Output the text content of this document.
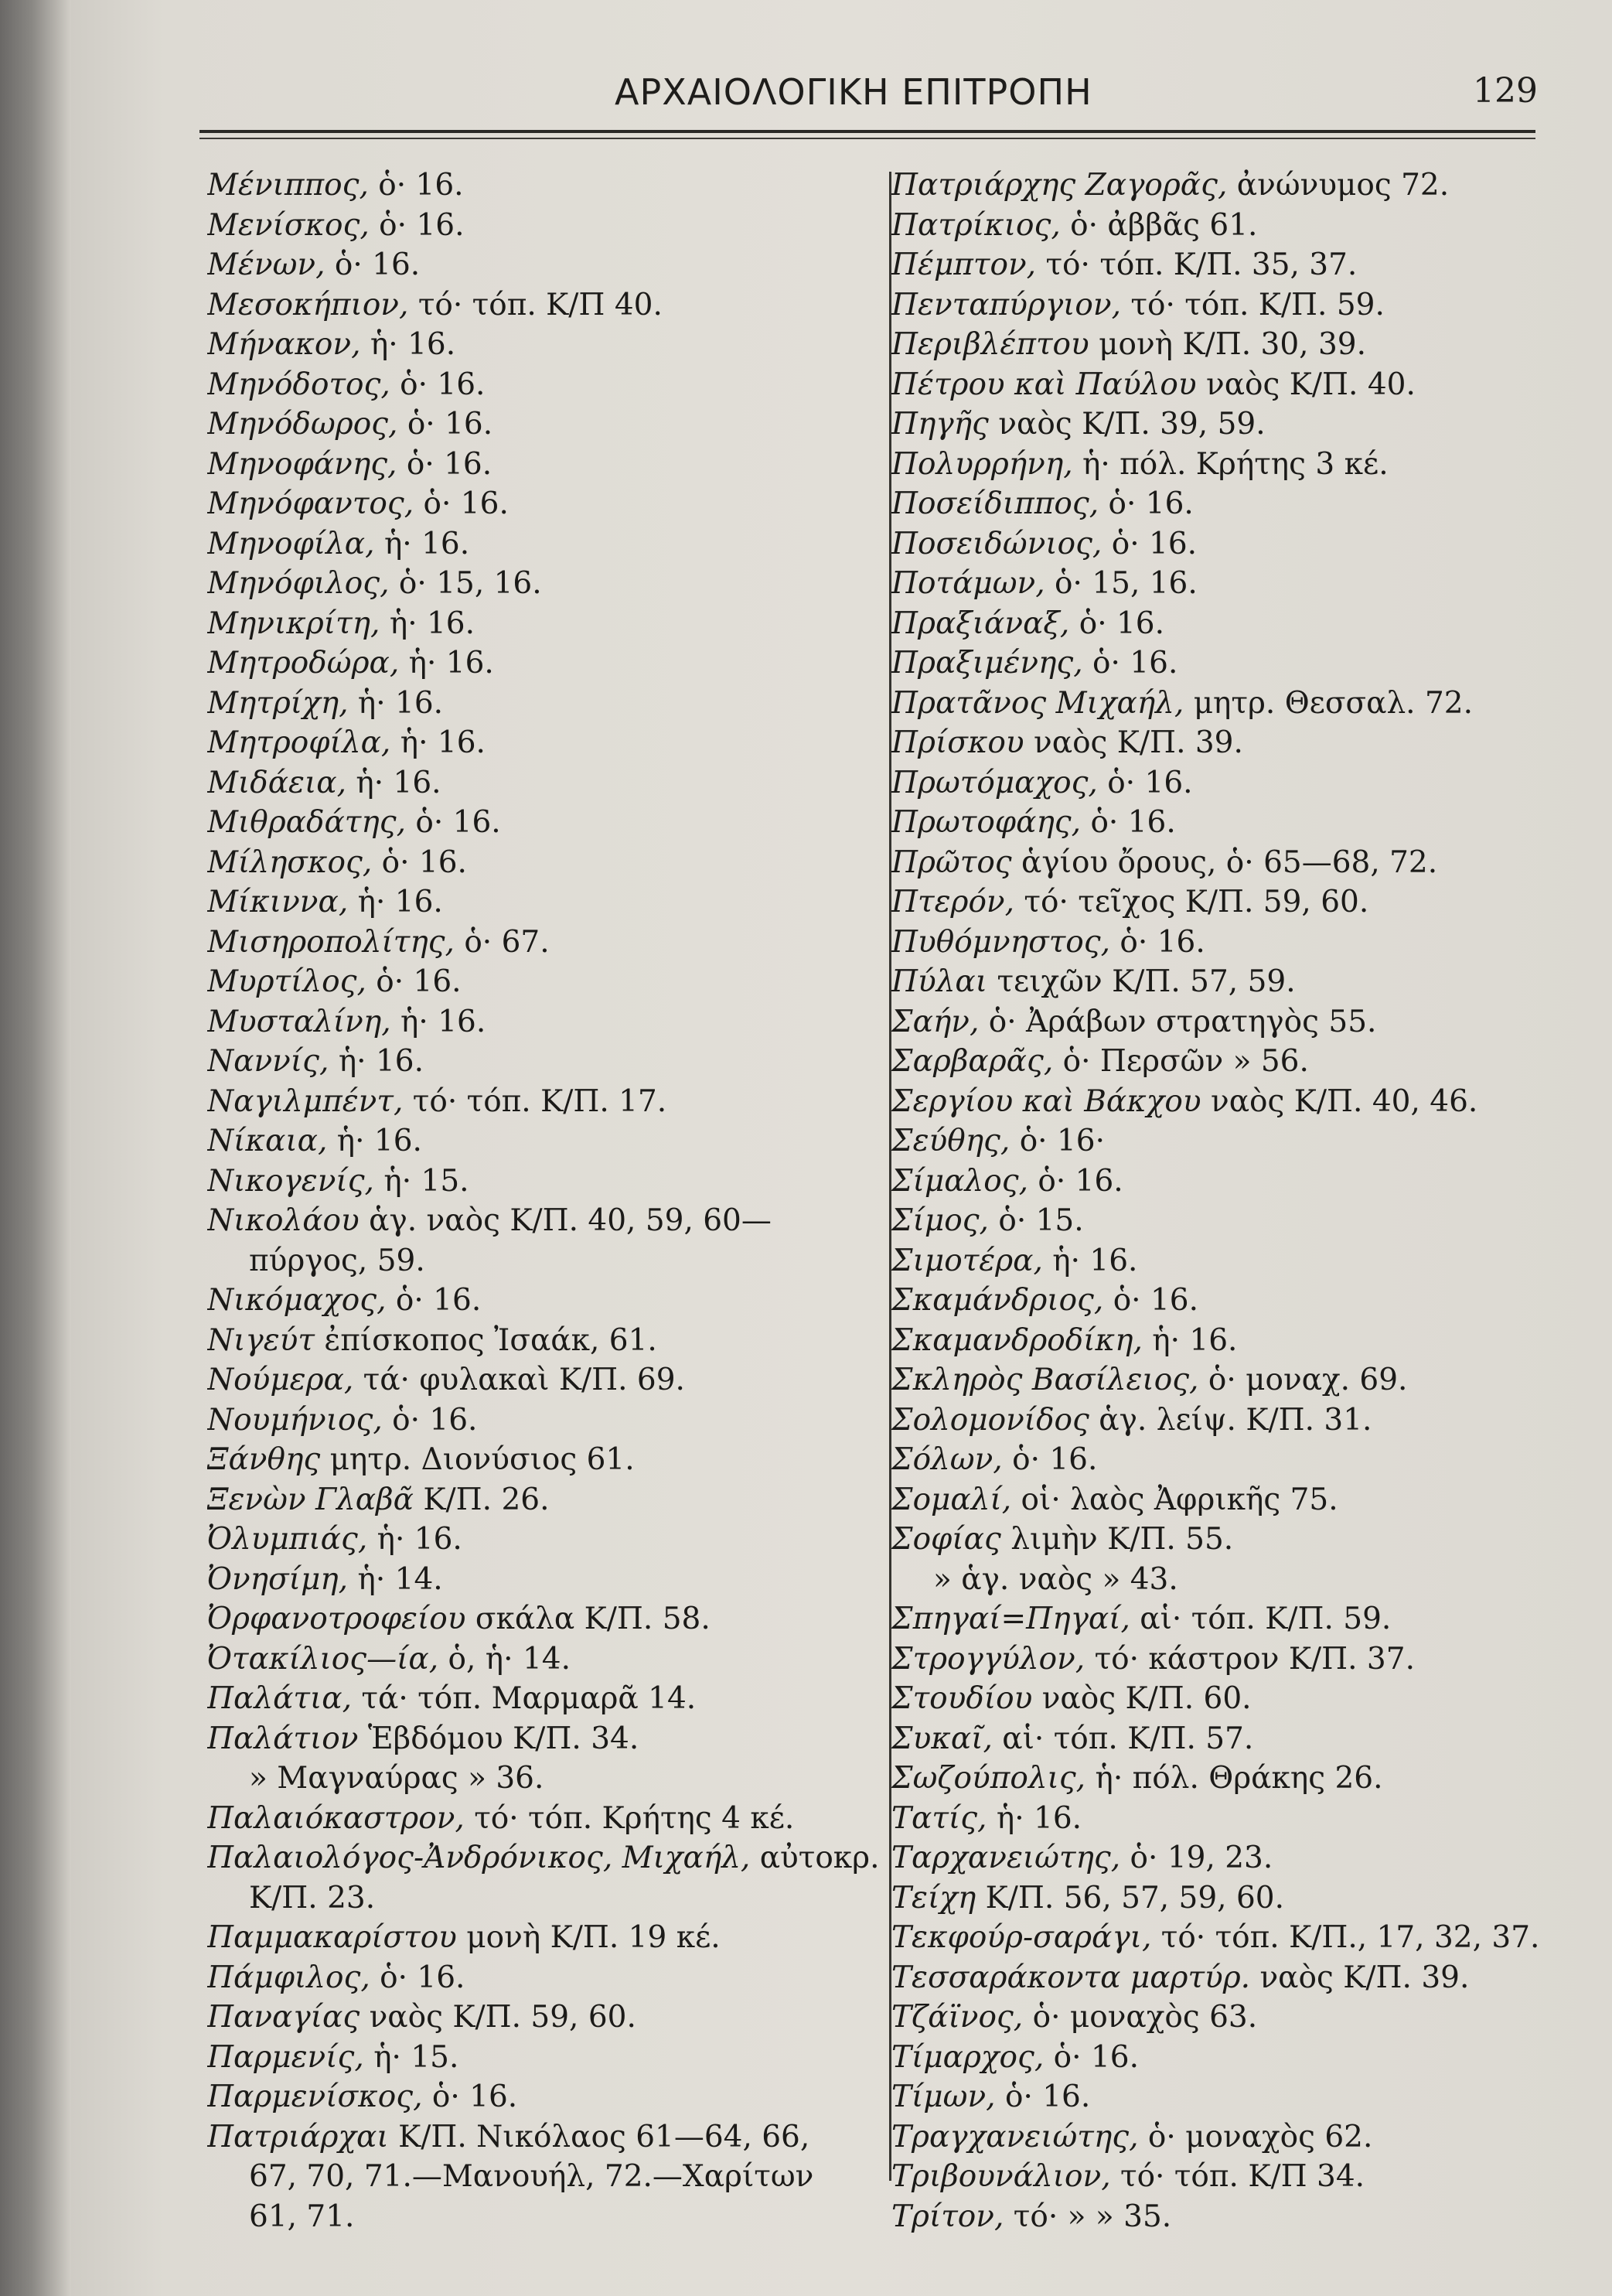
ΑΡΧΑΙΟΛΟΓΙΚΗ ΕΠΙΤΡΟΠΗ	129
Μένιππος, ὁ· 16.
Μενίσκος, ὁ· 16.
Μένων, ὁ· 16.
Μεσοκήπιον, τό· τόπ. Κ/Π 40.
Μήνακον, ἡ· 16.
Μηνόδοτος, ὁ· 16.
Μηνόδωρος, ὁ· 16.
Μηνοφάνης, ὁ· 16.
Μηνόφαντος, ὁ· 16.
Μηνοφίλα, ἡ· 16.
Μηνόφιλος, ὁ· 15, 16.
Μηνικρίτη, ἡ· 16.
Μητροδώρα, ἡ· 16.
Μητρίχη, ἡ· 16.
Μητροφίλα, ἡ· 16.
Μιδάεια, ἡ· 16.
Μιθραδάτης, ὁ· 16.
Μίλησκος, ὁ· 16.
Μίκιννα, ἡ· 16.
Μισηροπολίτης, ὁ· 67.
Μυρτίλος, ὁ· 16.
Μυσταλίνη, ἡ· 16.
Ναννίς, ἡ· 16.
Ναγιλμπέντ, τό· τόπ. Κ/Π. 17.
Νίκαια, ἡ· 16.
Νικογενίς, ἡ· 15.
Νικολάου ἁγ. ναὸς Κ/Π. 40, 59, 60—
πύργος, 59.
Νικόμαχος, ὁ· 16.
Νιγεύτ ἐπίσκοπος Ἰσαάκ, 61.
Νούμερα, τά· φυλακαὶ Κ/Π. 69.
Νουμήνιος, ὁ· 16.
Ξάνθης μητρ. Διονύσιος 61.
Ξενὼν Γλαβᾶ Κ/Π. 26.
Ὀλυμπιάς, ἡ· 16.
Ὀνησίμη, ἡ· 14.
Ὀρφανοτροφείου σκάλα Κ/Π. 58.
Ὀτακίλιος—ία, ὁ, ἡ· 14.
Παλάτια, τά· τόπ. Μαρμαρᾶ 14.
Παλάτιον Ἑβδόμου Κ/Π. 34.
» Μαγναύρας » 36.
Παλαιόκαστρον, τό· τόπ. Κρήτης 4 κέ.
Παλαιολόγος-Ἀνδρόνικος, Μιχαήλ, αὐτοκρ.
Κ/Π. 23.
Παμμακαρίστου μονὴ Κ/Π. 19 κέ.
Πάμφιλος, ὁ· 16.
Παναγίας ναὸς Κ/Π. 59, 60.
Παρμενίς, ἡ· 15.
Παρμενίσκος, ὁ· 16.
Πατριάρχαι Κ/Π. Νικόλαος 61—64, 66,
67, 70, 71.—Μανουήλ, 72.—Χαρίτων
61, 71.
Πατριάρχης Ζαγορᾶς, ἀνώνυμος 72.
Πατρίκιος, ὁ· ἀββᾶς 61.
Πέμπτον, τό· τόπ. Κ/Π. 35, 37.
Πενταπύργιον, τό· τόπ. Κ/Π. 59.
Περιβλέπτου μονὴ Κ/Π. 30, 39.
Πέτρου καὶ Παύλου ναὸς Κ/Π. 40.
Πηγῆς ναὸς Κ/Π. 39, 59.
Πολυρρήνη, ἡ· πόλ. Κρήτης 3 κέ.
Ποσείδιππος, ὁ· 16.
Ποσειδώνιος, ὁ· 16.
Ποτάμων, ὁ· 15, 16.
Πραξιάναξ, ὁ· 16.
Πραξιμένης, ὁ· 16.
Πρατᾶνος Μιχαήλ, μητρ. Θεσσαλ. 72.
Πρίσκου ναὸς Κ/Π. 39.
Πρωτόμαχος, ὁ· 16.
Πρωτοφάης, ὁ· 16.
Πρῶτος ἁγίου ὄρους, ὁ· 65—68, 72.
Πτερόν, τό· τεῖχος Κ/Π. 59, 60.
Πυθόμνηστος, ὁ· 16.
Πύλαι τειχῶν Κ/Π. 57, 59.
Σαήν, ὁ· Ἀράβων στρατηγὸς 55.
Σαρβαρᾶς, ὁ· Περσῶν » 56.
Σεργίου καὶ Βάκχου ναὸς Κ/Π. 40, 46.
Σεύθης, ὁ· 16·
Σίμαλος, ὁ· 16.
Σίμος, ὁ· 15.
Σιμοτέρα, ἡ· 16.
Σκαμάνδριος, ὁ· 16.
Σκαμανδροδίκη, ἡ· 16.
Σκληρὸς Βασίλειος, ὁ· μοναχ. 69.
Σολομονίδος ἁγ. λείψ. Κ/Π. 31.
Σόλων, ὁ· 16.
Σομαλί, οἱ· λαὸς Ἀφρικῆς 75.
Σοφίας λιμὴν Κ/Π. 55.
» ἁγ. ναὸς » 43.
Σπηγαί=Πηγαί, αἱ· τόπ. Κ/Π. 59.
Στρογγύλον, τό· κάστρον Κ/Π. 37.
Στουδίου ναὸς Κ/Π. 60.
Συκαῖ, αἱ· τόπ. Κ/Π. 57.
Σωζούπολις, ἡ· πόλ. Θράκης 26.
Τατίς, ἡ· 16.
Ταρχανειώτης, ὁ· 19, 23.
Τείχη Κ/Π. 56, 57, 59, 60.
Τεκφούρ-σαράγι, τό· τόπ. Κ/Π., 17, 32, 37.
Τεσσαράκοντα μαρτύρ. ναὸς Κ/Π. 39.
Τζάϊνος, ὁ· μοναχὸς 63.
Τίμαρχος, ὁ· 16.
Τίμων, ὁ· 16.
Τραγχανειώτης, ὁ· μοναχὸς 62.
Τριβουνάλιον, τό· τόπ. Κ/Π 34.
Τρίτον, τό· » » 35.
